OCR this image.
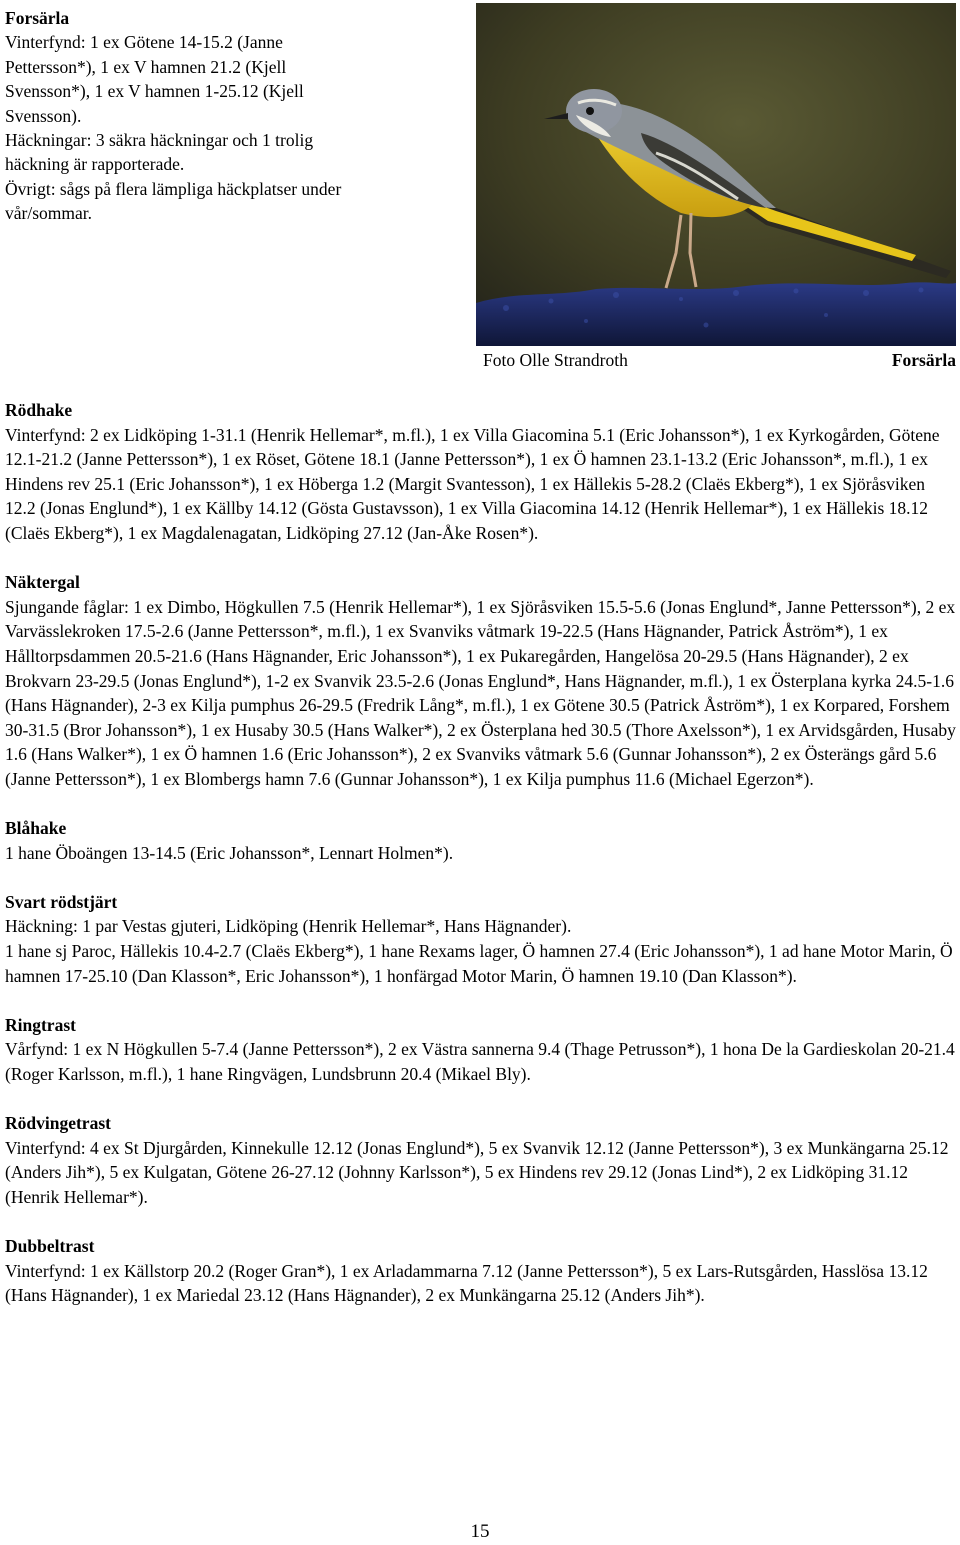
Forsärla
Vinterfynd: 1 ex Götene 14-15.2 (Janne
Pettersson*), 1 ex V hamnen 21.2 (Kjell
Svensson*), 1 ex V hamnen 1-25.12 (Kjell
Svensson).
Häckningar: 3 säkra häckningar och 1 trolig
häckning är rapporterade.
Övrigt: sågs på flera lämpliga häckplatser under
vår/sommar.
Foto Olle Strandroth	Forsärla
Rödhake
Vinterfynd: 2 ex Lidköping 1-31.1 (Henrik Hellemar*, m.fl.), 1 ex Villa Giacomina 5.1 (Eric Johansson*), 1 ex Kyrkogården, Götene 12.1-21.2 (Janne Pettersson*), 1 ex Röset, Götene 18.1 (Janne Pettersson*), 1 ex Ö hamnen 23.1-13.2 (Eric Johansson*, m.fl.), 1 ex Hindens rev 25.1 (Eric Johansson*), 1 ex Höberga 1.2 (Margit Svantesson), 1 ex Hällekis 5-28.2 (Claës Ekberg*), 1 ex Sjöråsviken 12.2 (Jonas Englund*), 1 ex Källby 14.12 (Gösta Gustavsson), 1 ex Villa Giacomina 14.12 (Henrik Hellemar*), 1 ex Hällekis 18.12 (Claës Ekberg*), 1 ex Magdalenagatan, Lidköping 27.12 (Jan-Åke Rosen*).
Näktergal
Sjungande fåglar: 1 ex Dimbo, Högkullen 7.5 (Henrik Hellemar*), 1 ex Sjöråsviken 15.5-5.6 (Jonas Englund*, Janne Pettersson*), 2 ex Varvässlekroken 17.5-2.6 (Janne Pettersson*, m.fl.), 1 ex Svanviks våtmark 19-22.5 (Hans Hägnander, Patrick Åström*), 1 ex Hålltorpsdammen 20.5-21.6 (Hans Hägnander, Eric Johansson*), 1 ex Pukaregården, Hangelösa 20-29.5 (Hans Hägnander), 2 ex Brokvarn 23-29.5 (Jonas Englund*), 1-2 ex Svanvik 23.5-2.6 (Jonas Englund*, Hans Hägnander, m.fl.), 1 ex Österplana kyrka 24.5-1.6 (Hans Hägnander), 2-3 ex Kilja pumphus 26-29.5 (Fredrik Lång*, m.fl.), 1 ex Götene 30.5 (Patrick Åström*), 1 ex Korpared, Forshem 30-31.5 (Bror Johansson*), 1 ex Husaby 30.5 (Hans Walker*), 2 ex Österplana hed 30.5 (Thore Axelsson*), 1 ex Arvidsgården, Husaby 1.6 (Hans Walker*), 1 ex Ö hamnen 1.6 (Eric Johansson*), 2 ex Svanviks våtmark 5.6 (Gunnar Johansson*), 2 ex Österängs gård 5.6 (Janne Pettersson*), 1 ex Blombergs hamn 7.6 (Gunnar Johansson*), 1 ex Kilja pumphus 11.6 (Michael Egerzon*).
Blåhake
1 hane Öboängen 13-14.5 (Eric Johansson*, Lennart Holmen*).
Svart rödstjärt
Häckning: 1 par Vestas gjuteri, Lidköping (Henrik Hellemar*, Hans Hägnander).
1 hane sj Paroc, Hällekis 10.4-2.7 (Claës Ekberg*), 1 hane Rexams lager, Ö hamnen 27.4 (Eric Johansson*), 1 ad hane Motor Marin, Ö hamnen 17-25.10 (Dan Klasson*, Eric Johansson*), 1 honfärgad Motor Marin, Ö hamnen 19.10 (Dan Klasson*).
Ringtrast
Vårfynd: 1 ex N Högkullen 5-7.4 (Janne Pettersson*), 2 ex Västra sannerna 9.4 (Thage Petrusson*), 1 hona De la Gardieskolan 20-21.4 (Roger Karlsson, m.fl.), 1 hane Ringvägen, Lundsbrunn 20.4 (Mikael Bly).
Rödvingetrast
Vinterfynd: 4 ex St Djurgården, Kinnekulle 12.12 (Jonas Englund*), 5 ex Svanvik 12.12 (Janne Pettersson*), 3 ex Munkängarna 25.12 (Anders Jih*), 5 ex Kulgatan, Götene 26-27.12 (Johnny Karlsson*), 5 ex Hindens rev 29.12 (Jonas Lind*), 2 ex Lidköping 31.12 (Henrik Hellemar*).
Dubbeltrast
Vinterfynd: 1 ex Källstorp 20.2 (Roger Gran*), 1 ex Arladammarna 7.12 (Janne Pettersson*), 5 ex Lars-Rutsgården, Hasslösa 13.12 (Hans Hägnander), 1 ex Mariedal 23.12 (Hans Hägnander), 2 ex Munkängarna 25.12 (Anders Jih*).
15
